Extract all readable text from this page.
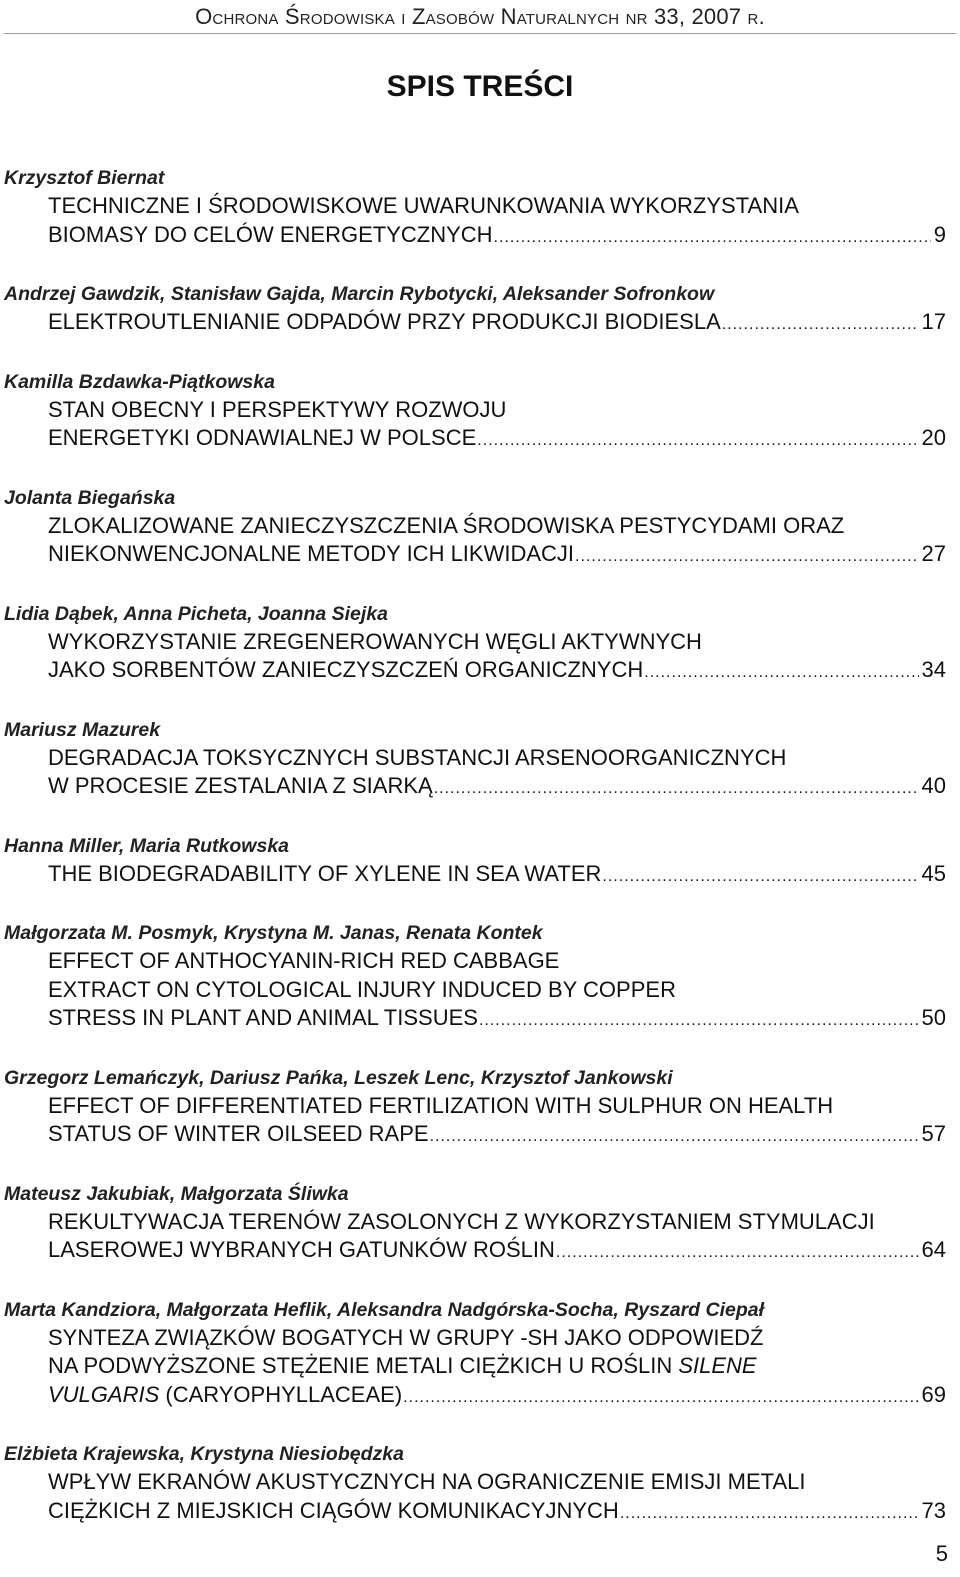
Ochrona Środowiska i Zasobów Naturalnych nr 33, 2007 r.
SPIS TREŚCI
Krzysztof Biernat
TECHNICZNE I ŚRODOWISKOWE UWARUNKOWANIA WYKORZYSTANIA
BIOMASY DO CELÓW ENERGETYCZNYCH .....	9
Andrzej Gawdzik, Stanisław Gajda, Marcin Rybotycki, Aleksander Sofronkow
ELEKTROUTLENIANIE ODPADÓW PRZY PRODUKCJI BIODIESLA .....	17
Kamilla Bzdawka-Piątkowska
STAN OBECNY I PERSPEKTYWY ROZWOJU
ENERGETYKI ODNAWIALNEJ W POLSCE .....	20
Jolanta Biegańska
ZLOKALIZOWANE ZANIECZYSZCZENIA ŚRODOWISKA PESTYCYDAMI ORAZ
NIEKONWENCJONALNE METODY ICH LIKWIDACJI .....	27
Lidia Dąbek, Anna Picheta, Joanna Siejka
WYKORZYSTANIE ZREGENEROWANYCH WĘGLI AKTYWNYCH
JAKO SORBENTÓW ZANIECZYSZCZEŃ ORGANICZNYCH .....	34
Mariusz Mazurek
DEGRADACJA TOKSYCZNYCH SUBSTANCJI ARSENOORGANICZNYCH
W PROCESIE ZESTALANIA Z SIARKĄ .....	40
Hanna Miller, Maria Rutkowska
THE BIODEGRADABILITY OF XYLENE IN SEA WATER .....	45
Małgorzata M. Posmyk, Krystyna M. Janas, Renata Kontek
EFFECT OF ANTHOCYANIN-RICH RED CABBAGE
EXTRACT ON CYTOLOGICAL INJURY INDUCED BY COPPER
STRESS IN PLANT AND ANIMAL TISSUES .....	50
Grzegorz Lemańczyk, Dariusz Pańka, Leszek Lenc, Krzysztof Jankowski
EFFECT OF DIFFERENTIATED FERTILIZATION WITH SULPHUR ON HEALTH
STATUS OF WINTER OILSEED RAPE .....	57
Mateusz Jakubiak, Małgorzata Śliwka
REKULTYWACJA TERENÓW ZASOLONYCH Z WYKORZYSTANIEM STYMULACJI
LASEROWEJ WYBRANYCH GATUNKÓW ROŚLIN .....	64
Marta Kandziora, Małgorzata Heflik, Aleksandra Nadgórska-Socha, Ryszard Ciepał
SYNTEZA ZWIĄZKÓW BOGATYCH W GRUPY -SH JAKO ODPOWIEDŹ
NA PODWYŻSZONE STĘŻENIE METALI CIĘŻKICH U ROŚLIN SILENE
VULGARIS (CARYOPHYLLACEAE) .....	69
Elżbieta Krajewska, Krystyna Niesiobędzka
WPŁYW EKRANÓW AKUSTYCZNYCH NA OGRANICZENIE EMISJI METALI
CIĘŻKICH Z MIEJSKICH CIĄGÓW KOMUNIKACYJNYCH .....	73
5
